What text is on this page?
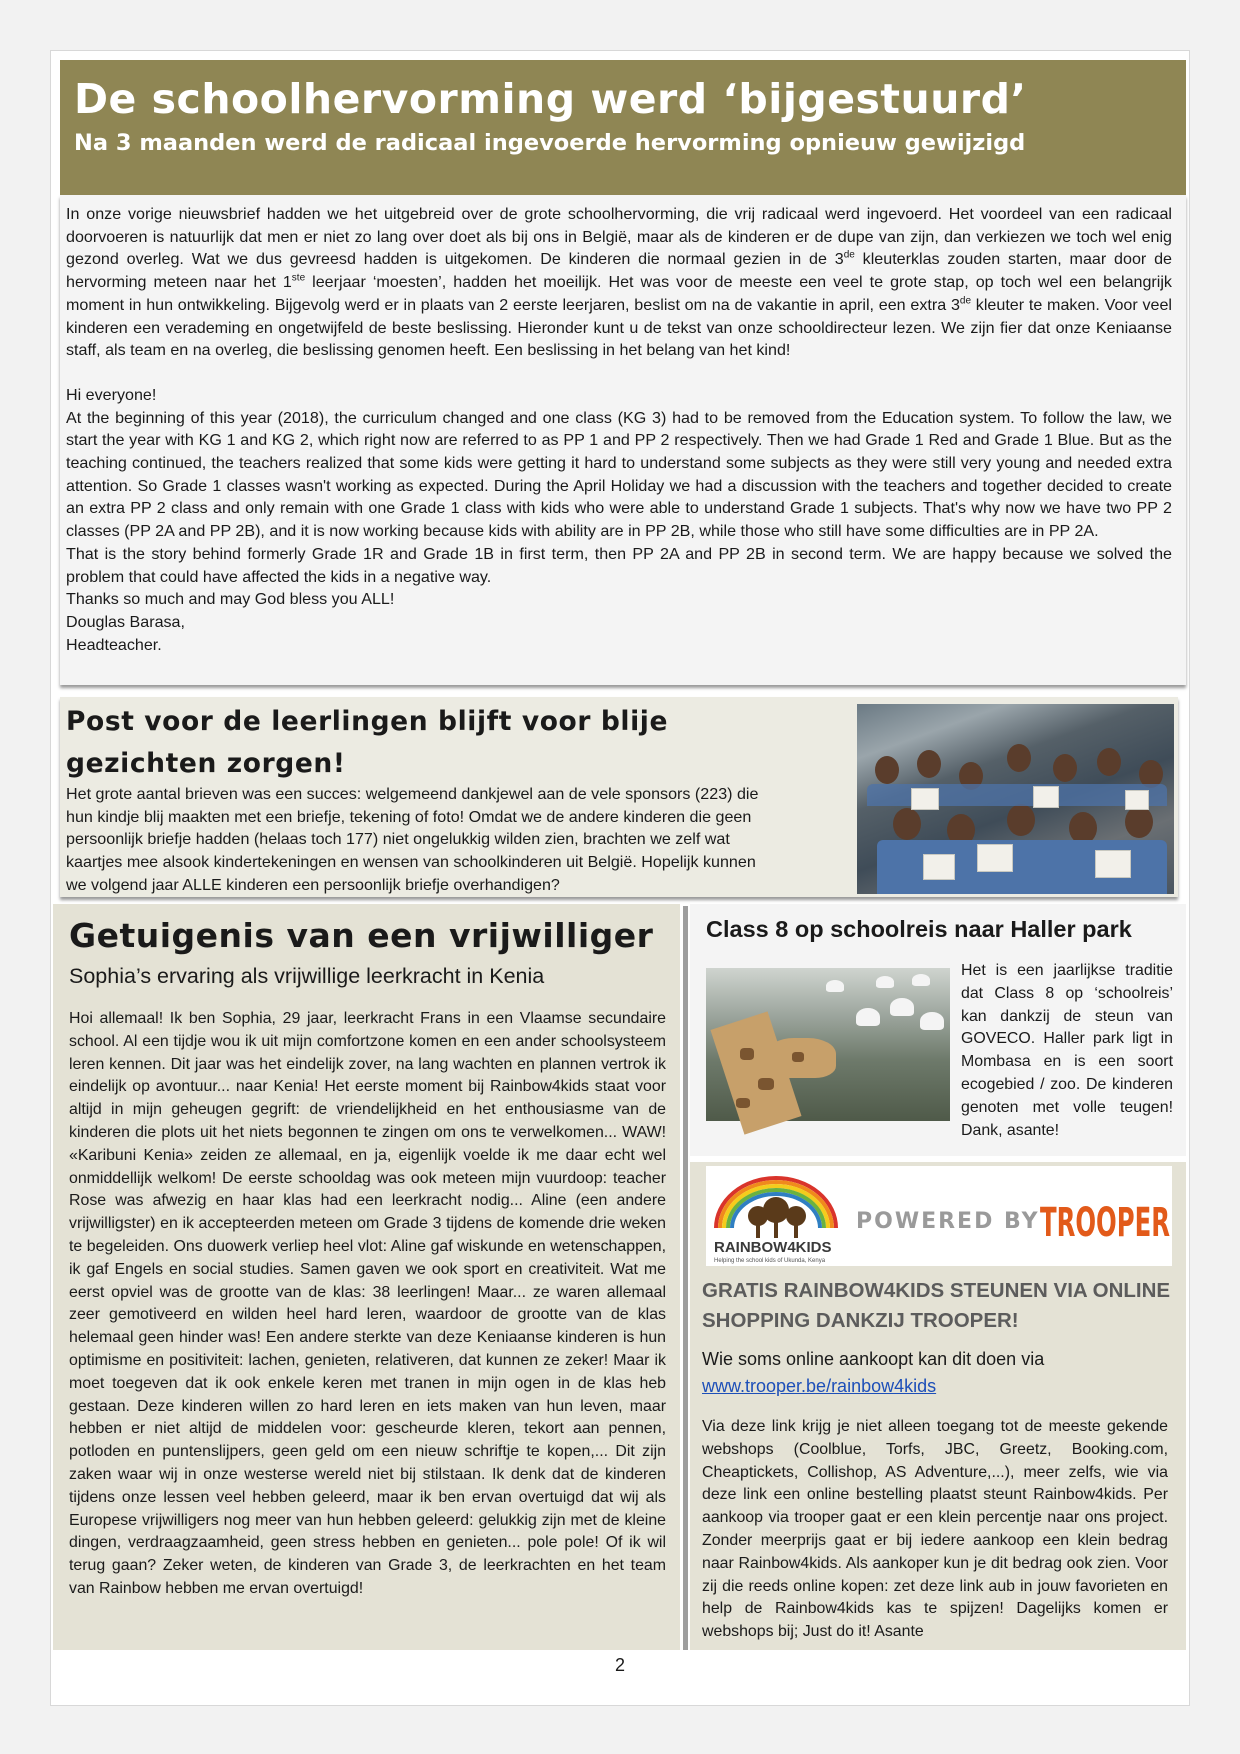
De schoolhervorming werd ‘bijgestuurd’
Na 3 maanden werd de radicaal ingevoerde hervorming opnieuw gewijzigd

In onze vorige nieuwsbrief hadden we het uitgebreid over de grote schoolhervorming, die vrij radicaal werd ingevoerd. Het voordeel van een radicaal doorvoeren is natuurlijk dat men er niet zo lang over doet als bij ons in België, maar als de kinderen er de dupe van zijn, dan verkiezen we toch wel enig gezond overleg. Wat we dus gevreesd hadden is uitgekomen. De kinderen die normaal gezien in de 3de kleuterklas zouden starten, maar door de hervorming meteen naar het 1ste leerjaar ‘moesten’, hadden het moeilijk. Het was voor de meeste een veel te grote stap, op toch wel een belangrijk moment in hun ontwikkeling. Bijgevolg werd er in plaats van 2 eerste leerjaren, beslist om na de vakantie in april, een extra 3de kleuter te maken. Voor veel kinderen een verademing en ongetwijfeld de beste beslissing. Hieronder kunt u de tekst van onze schooldirecteur lezen. We zijn fier dat onze Keniaanse staff, als team en na overleg, die beslissing genomen heeft. Een beslissing in het belang van het kind!

Hi everyone!

At the beginning of this year (2018), the curriculum changed and one class (KG 3) had to be removed from the Education system. To follow the law, we start the year with KG 1 and KG 2, which right now are referred to as PP 1 and PP 2 respectively. Then we had Grade 1 Red and Grade 1 Blue. But as the teaching continued, the teachers realized that some kids were getting it hard to understand some subjects as they were still very young and needed extra attention. So Grade 1 classes wasn't working as expected. During the April Holiday we had a discussion with the teachers and together decided to create an extra PP 2 class and only remain with one Grade 1 class with kids who were able to understand Grade 1 subjects. That's why now we have two PP 2 classes (PP 2A and PP 2B), and it is now working because kids with ability are in PP 2B, while those who still have some difficulties are in PP 2A.

That is the story behind formerly Grade 1R and Grade 1B in first term, then PP 2A and PP 2B in second term. We are happy because we solved the problem that could have affected the kids in a negative way.

Thanks so much and may God bless you ALL!

Douglas Barasa,

Headteacher.

Post voor de leerlingen blijft voor blije gezichten zorgen!

Het grote aantal brieven was een succes: welgemeend dankjewel aan de vele sponsors (223) die hun kindje blij maakten met een briefje, tekening of foto! Omdat we de andere kinderen die geen persoonlijk briefje hadden (helaas toch 177) niet ongelukkig wilden zien, brachten we zelf wat kaartjes mee alsook kindertekeningen en wensen van schoolkinderen uit België. Hopelijk kunnen we volgend jaar ALLE kinderen een persoonlijk briefje overhandigen?

Getuigenis van een vrijwilliger
Sophia’s ervaring als vrijwillige leerkracht in Kenia

Hoi allemaal! Ik ben Sophia, 29 jaar, leerkracht Frans in een Vlaamse secundaire school. Al een tijdje wou ik uit mijn comfortzone komen en een ander schoolsysteem leren kennen. Dit jaar was het eindelijk zover, na lang wachten en plannen vertrok ik eindelijk op avontuur... naar Kenia! Het eerste moment bij Rainbow4kids staat voor altijd in mijn geheugen gegrift: de vriendelijkheid en het enthousiasme van de kinderen die plots uit het niets begonnen te zingen om ons te verwelkomen... WAW! «Karibuni Kenia» zeiden ze allemaal, en ja, eigenlijk voelde ik me daar echt wel onmiddellijk welkom! De eerste schooldag was ook meteen mijn vuurdoop: teacher Rose was afwezig en haar klas had een leerkracht nodig... Aline (een andere vrijwilligster) en ik accepteerden meteen om Grade 3 tijdens de komende drie weken te begeleiden. Ons duowerk verliep heel vlot: Aline gaf wiskunde en wetenschappen, ik gaf Engels en social studies. Samen gaven we ook sport en creativiteit. Wat me eerst opviel was de grootte van de klas: 38 leerlingen! Maar... ze waren allemaal zeer gemotiveerd en wilden heel hard leren, waardoor de grootte van de klas helemaal geen hinder was! Een andere sterkte van deze Keniaanse kinderen is hun optimisme en positiviteit: lachen, genieten, relativeren, dat kunnen ze zeker! Maar ik moet toegeven dat ik ook enkele keren met tranen in mijn ogen in de klas heb gestaan. Deze kinderen willen zo hard leren en iets maken van hun leven, maar hebben er niet altijd de middelen voor: gescheurde kleren, tekort aan pennen, potloden en puntenslijpers, geen geld om een nieuw schriftje te kopen,... Dit zijn zaken waar wij in onze westerse wereld niet bij stilstaan. Ik denk dat de kinderen tijdens onze lessen veel hebben geleerd, maar ik ben ervan overtuigd dat wij als Europese vrijwilligers nog meer van hun hebben geleerd: gelukkig zijn met de kleine dingen, verdraagzaamheid, geen stress hebben en genieten... pole pole! Of ik wil terug gaan? Zeker weten, de kinderen van Grade 3, de leerkrachten en het team van Rainbow hebben me ervan overtuigd!

Class 8 op schoolreis naar Haller park

Het is een jaarlijkse traditie dat Class 8 op ‘schoolreis’ kan dankzij de steun van GOVECO. Haller park ligt in Mombasa en is een soort ecogebied / zoo. De kinderen genoten met volle teugen! Dank, asante!

GRATIS RAINBOW4KIDS STEUNEN VIA ONLINE SHOPPING DANKZIJ TROOPER!

Wie soms online aankoopt kan dit doen via
www.trooper.be/rainbow4kids

Via deze link krijg je niet alleen toegang tot de meeste gekende webshops (Coolblue, Torfs, JBC, Greetz, Booking.com, Cheaptickets, Collishop, AS Adventure,...), meer zelfs, wie via deze link een online bestelling plaatst steunt Rainbow4kids. Per aankoop via trooper gaat er een klein percentje naar ons project. Zonder meerprijs gaat er bij iedere aankoop een klein bedrag naar Rainbow4kids. Als aankoper kun je dit bedrag ook zien. Voor zij die reeds online kopen: zet deze link aub in jouw favorieten en help de Rainbow4kids kas te spijzen! Dagelijks komen er webshops bij; Just do it! Asante

RAINBOW4KIDS
Helping the school kids of Ukunda, Kenya
POWERED BY TROOPER
2
